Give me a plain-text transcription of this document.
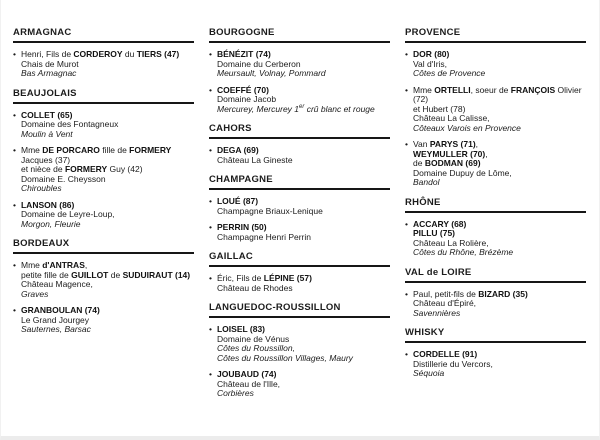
ARMAGNAC
• Henri, Fils de CORDEROY du TIERS (47)
Chais de Murot
Bas Armagnac
BEAUJOLAIS
• COLLET (65)
Domaine des Fontagneux
Moulin à Vent
• Mme DE PORCARO fille de FORMERY
Jacques (37)
et nièce de FORMERY Guy (42)
Domaine E. Cheysson
Chiroubles
• LANSON (86)
Domaine de Leyre-Loup,
Morgon, Fleurie
BORDEAUX
• Mme d'ANTRAS,
petite fille de GUILLOT de SUDUIRAUT (14)
Château Magence,
Graves
• GRANBOULAN (74)
Le Grand Jourgey
Sauternes, Barsac
BOURGOGNE
• BÉNÉZIT (74)
Domaine du Cerberon
Meursault, Volnay, Pommard
• COEFFÉ (70)
Domaine Jacob
Mercurey, Mercurey 1er crû blanc et rouge
CAHORS
• DEGA (69)
Château La Gineste
CHAMPAGNE
• LOUÉ (87)
Champagne Briaux-Lenique
• PERRIN (50)
Champagne Henri Perrin
GAILLAC
• Éric, Fils de LÉPINE (57)
Château de Rhodes
LANGUEDOC-ROUSSILLON
• LOISEL (83)
Domaine de Vénus
Côtes du Roussillon,
Côtes du Roussillon Villages, Maury
• JOUBAUD (74)
Château de l'Ille,
Corbières
PROVENCE
• DOR (80)
Val d'Iris,
Côtes de Provence
• Mme ORTELLI, soeur de FRANÇOIS Olivier
(72)
et Hubert (78)
Château La Calisse,
Côteaux Varois en Provence
• Van PARYS (71),
WEYMULLER (70),
de BODMAN (69)
Domaine Dupuy de Lôme,
Bandol
RHÔNE
• ACCARY (68)
PILLU (75)
Château La Rolière,
Côtes du Rhône, Brézème
VAL de LOIRE
• Paul, petit-fils de BIZARD (35)
Château d'Épiré,
Savennières
WHISKY
• CORDELLE (91)
Distillerie du Vercors,
Séquoia
